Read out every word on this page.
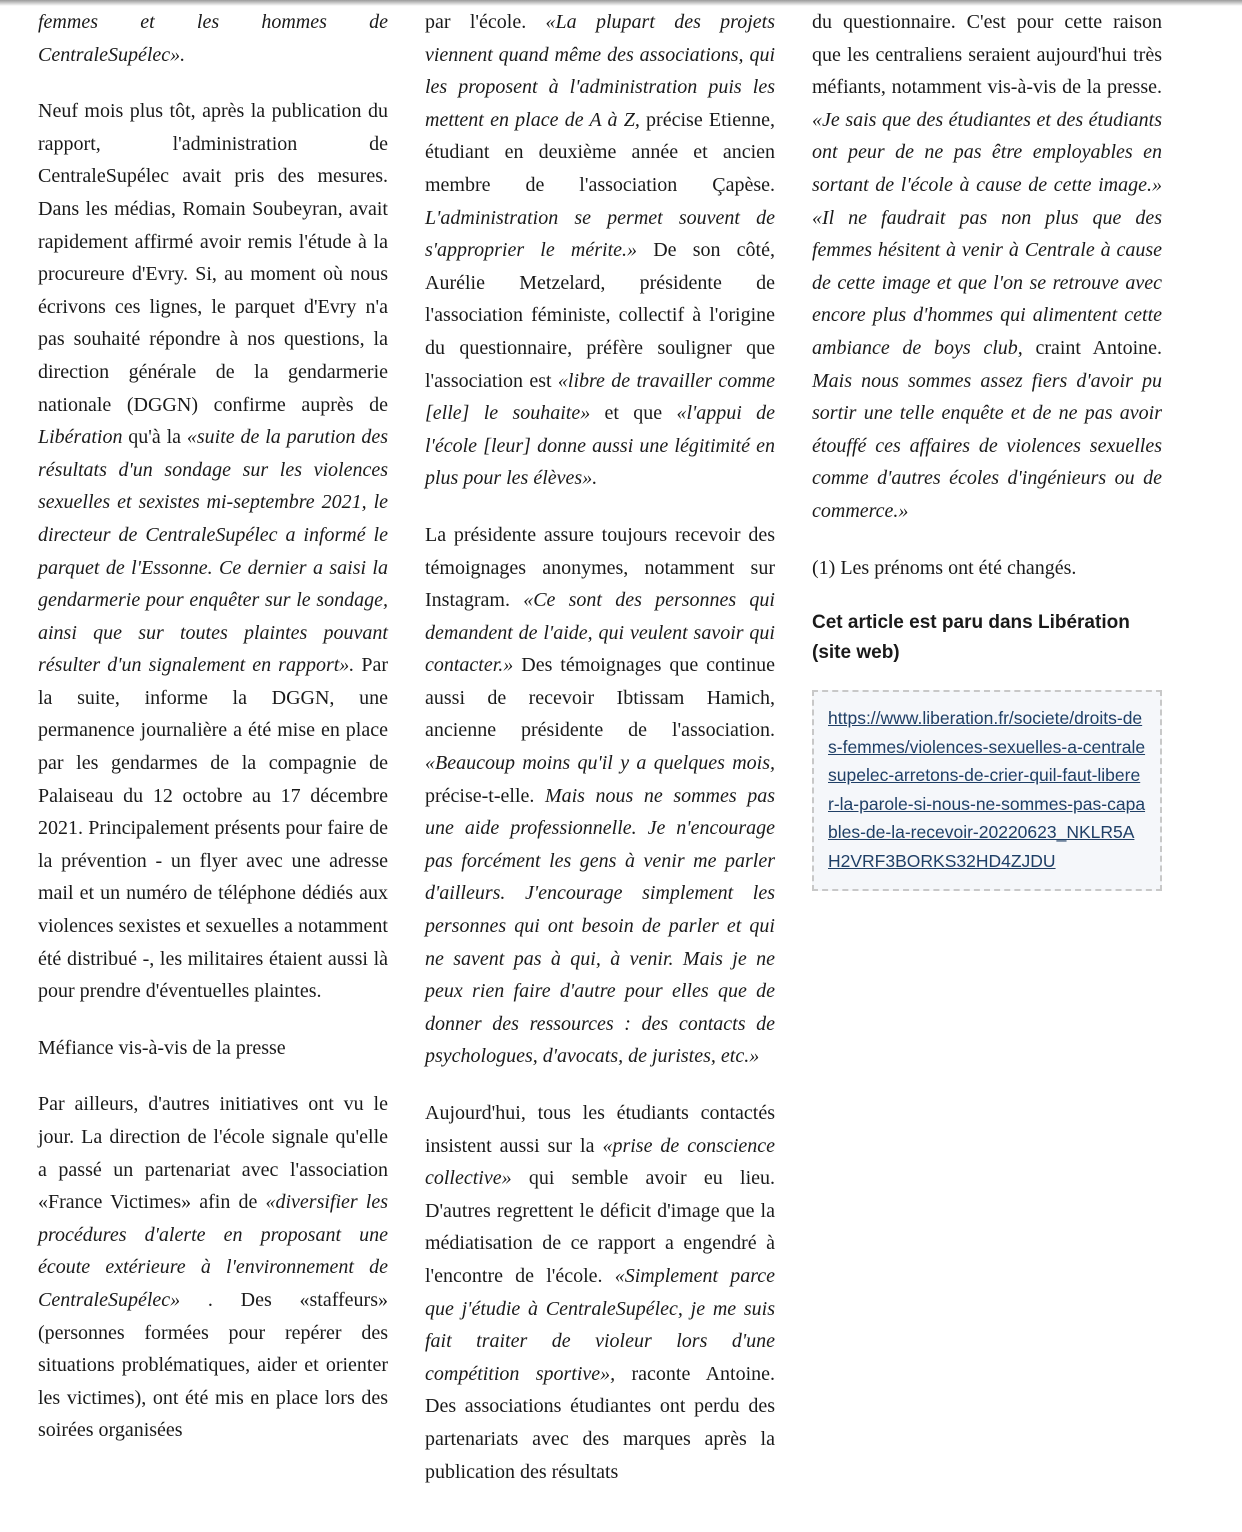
femmes et les hommes de CentraleSupélec».

Neuf mois plus tôt, après la publication du rapport, l'administration de CentraleSupélec avait pris des mesures. Dans les médias, Romain Soubeyran, avait rapidement affirmé avoir remis l'étude à la procureure d'Evry. Si, au moment où nous écrivons ces lignes, le parquet d'Evry n'a pas souhaité répondre à nos questions, la direction générale de la gendarmerie nationale (DGGN) confirme auprès de Libération qu'à la «suite de la parution des résultats d'un sondage sur les violences sexuelles et sexistes mi-septembre 2021, le directeur de CentraleSupélec a informé le parquet de l'Essonne. Ce dernier a saisi la gendarmerie pour enquêter sur le sondage, ainsi que sur toutes plaintes pouvant résulter d'un signalement en rapport». Par la suite, informe la DGGN, une permanence journalière a été mise en place par les gendarmes de la compagnie de Palaiseau du 12 octobre au 17 décembre 2021. Principalement présents pour faire de la prévention - un flyer avec une adresse mail et un numéro de téléphone dédiés aux violences sexistes et sexuelles a notamment été distribué -, les militaires étaient aussi là pour prendre d'éventuelles plaintes.

Méfiance vis-à-vis de la presse

Par ailleurs, d'autres initiatives ont vu le jour. La direction de l'école signale qu'elle a passé un partenariat avec l'association «France Victimes» afin de «diversifier les procédures d'alerte en proposant une écoute extérieure à l'environnement de CentraleSupélec» . Des «staffeurs» (personnes formées pour repérer des situations problématiques, aider et orienter les victimes), ont été mis en place lors des soirées organisées

par l'école. «La plupart des projets viennent quand même des associations, qui les proposent à l'administration puis les mettent en place de A à Z, précise Etienne, étudiant en deuxième année et ancien membre de l'association Çapèse. L'administration se permet souvent de s'approprier le mérite.» De son côté, Aurélie Metzelard, présidente de l'association féministe, collectif à l'origine du questionnaire, préfère souligner que l'association est «libre de travailler comme [elle] le souhaite» et que «l'appui de l'école [leur] donne aussi une légitimité en plus pour les élèves».

La présidente assure toujours recevoir des témoignages anonymes, notamment sur Instagram. «Ce sont des personnes qui demandent de l'aide, qui veulent savoir qui contacter.» Des témoignages que continue aussi de recevoir Ibtissam Hamich, ancienne présidente de l'association. «Beaucoup moins qu'il y a quelques mois, précise-t-elle. Mais nous ne sommes pas une aide professionnelle. Je n'encourage pas forcément les gens à venir me parler d'ailleurs. J'encourage simplement les personnes qui ont besoin de parler et qui ne savent pas à qui, à venir. Mais je ne peux rien faire d'autre pour elles que de donner des ressources : des contacts de psychologues, d'avocats, de juristes, etc.»

Aujourd'hui, tous les étudiants contactés insistent aussi sur la «prise de conscience collective» qui semble avoir eu lieu. D'autres regrettent le déficit d'image que la médiatisation de ce rapport a engendré à l'encontre de l'école. «Simplement parce que j'étudie à CentraleSupélec, je me suis fait traiter de violeur lors d'une compétition sportive», raconte Antoine. Des associations étudiantes ont perdu des partenariats avec des marques après la publication des résultats

du questionnaire. C'est pour cette raison que les centraliens seraient aujourd'hui très méfiants, notamment vis-à-vis de la presse. «Je sais que des étudiantes et des étudiants ont peur de ne pas être employables en sortant de l'école à cause de cette image.» «Il ne faudrait pas non plus que des femmes hésitent à venir à Centrale à cause de cette image et que l'on se retrouve avec encore plus d'hommes qui alimentent cette ambiance de boys club, craint Antoine. Mais nous sommes assez fiers d'avoir pu sortir une telle enquête et de ne pas avoir étouffé ces affaires de violences sexuelles comme d'autres écoles d'ingénieurs ou de commerce.»

(1) Les prénoms ont été changés.

Cet article est paru dans Libération (site web)
https://www.liberation.fr/societe/droits-des-femmes/violences-sexuelles-a-centralesupelec-arretons-de-crier-quil-faut-liberer-la-parole-si-nous-ne-sommes-pas-capables-de-la-recevoir-20220623_NKLR5AH2VRF3BORKS32HD4ZJDU
